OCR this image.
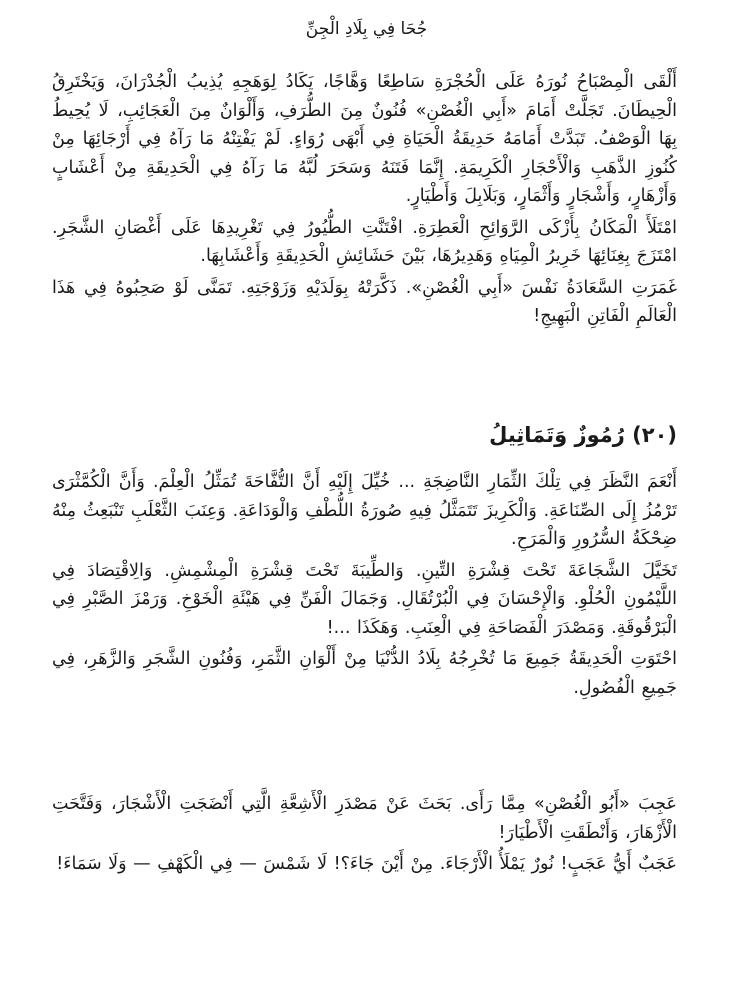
جُحَا فِي بِلَادِ الْجِنِّ

أَلْقَى الْمِصْبَاحُ نُورَهُ عَلَى الْحُجْرَةِ سَاطِعًا وَهَّاجًا، يَكَادُ لِوَهَجِهِ يُذِيبُ الْجُدْرَانَ، وَيَخْتَرِقُ الْحِيطَانَ. تَجَلَّتْ أَمَامَ «أَبِي الْغُصْنِ» فُنُونٌ مِنَ الطُّرَفِ، وَأَلْوَانٌ مِنَ الْعَجَائِبِ، لَا يُحِيطُ بِهَا الْوَصْفُ. تَبَدَّتْ أَمَامَهُ حَدِيقَةُ الْحَيَاةِ فِي أَبْهَى رُوَاءٍ. لَمْ يَفْتِنْهُ مَا رَآهُ فِي أَرْجَائِهَا مِنْ كُنُوزِ الذَّهَبِ وَالْأَحْجَارِ الْكَرِيمَةِ. إِنَّمَا فَتَنَهُ وَسَحَرَ لُبَّهُ مَا رَآهُ فِي الْحَدِيقَةِ مِنْ أَعْشَابٍ وَأَزْهَارٍ، وَأَشْجَارٍ وَأَثْمَارٍ، وَبَلَابِلَ وَأَطْيَارٍ.

امْتَلَأَ الْمَكَانُ بِأَزْكَى الرَّوَائِحِ الْعَطِرَةِ. افْتَنَّتِ الطُّيُورُ فِي تَغْرِيدِهَا عَلَى أَغْصَانِ الشَّجَرِ. امْتَزَجَ بِغِنَائِهَا خَرِيرُ الْمِيَاهِ وَهَدِيرُهَا، بَيْنَ حَشَائِشِ الْحَدِيقَةِ وَأَعْشَابِهَا.

غَمَرَتِ السَّعَادَةُ نَفْسَ «أَبِي الْغُصْنِ». ذَكَّرَتْهُ بِوَلَدَيْهِ وَزَوْجَتِهِ. تَمَنَّى لَوْ صَحِبُوهُ فِي هَذَا الْعَالَمِ الْفَاتِنِ الْبَهِيجِ!

(٢٠) رُمُوزٌ وَتَمَاثِيلُ

أَنْعَمَ النَّظَرَ فِي تِلْكَ الثِّمَارِ النَّاضِجَةِ ... خُيِّلَ إِلَيْهِ أَنَّ التُّفَّاحَةَ تُمَثِّلُ الْعِلْمَ. وَأَنَّ الْكُمَّثْرَى تَرْمُزُ إِلَى الصِّنَاعَةِ. وَالْكَرِيزَ تَتَمَثَّلُ فِيهِ صُورَةُ اللُّطْفِ وَالْوَدَاعَةِ. وَعِنَبَ الثَّعْلَبِ تَنْبَعِثُ مِنْهُ ضِحْكَةُ السُّرُورِ وَالْمَرَحِ.

تَخَيَّلَ الشَّجَاعَةَ تَحْتَ قِشْرَةِ التِّينِ. وَالطِّيبَةَ تَحْتَ قِشْرَةِ الْمِشْمِشِ. وَالِاقْتِصَادَ فِي اللَّيْمُونِ الْحُلْوِ. وَالْإِحْسَانَ فِي الْبُرْتُقَالِ. وَجَمَالَ الْفَنِّ فِي هَيْئَةِ الْخَوْخِ. وَرَمْزَ الصَّبْرِ فِي الْبَرْقُوقَةِ. وَمَصْدَرَ الْفَصَاحَةِ فِي الْعِنَبِ. وَهَكَذَا ...!

احْتَوَتِ الْحَدِيقَةُ جَمِيعَ مَا تُخْرِجُهُ بِلَادُ الدُّنْيَا مِنْ أَلْوَانِ الثَّمَرِ، وَفُنُونِ الشَّجَرِ وَالزَّهَرِ، فِي جَمِيعِ الْفُصُولِ.

عَجِبَ «أَبُو الْغُصْنِ» مِمَّا رَأَى. بَحَثَ عَنْ مَصْدَرِ الْأَشِعَّةِ الَّتِي أَنْضَجَتِ الْأَشْجَارَ، وَفَتَّحَتِ الْأَزْهَارَ، وَأَنْطَقَتِ الْأَطْيَارَ!

عَجَبٌ أَيُّ عَجَبٍ! نُورٌ يَمْلَأُ الْأَرْجَاءَ. مِنْ أَيْنَ جَاءَ؟! لَا شَمْسَ — فِي الْكَهْفِ — وَلَا سَمَاءَ!
